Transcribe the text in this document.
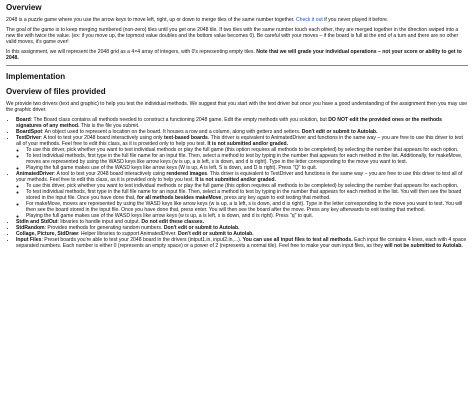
Overview

2048 is a puzzle game where you use the arrow keys to move left, right, up or down to merge tiles of the same number together. Check it out if you never played it before.

The goal of the game is to keep merging numbered (non-zero) tiles until you get one 2048 tile. If two tiles with the same number touch each other, they are merged together in the direction swiped into a new tile with twice the value. (ex: if you move up, the topmost value doubles and the bottom value becomes 0). Be careful with your moves – if the board is full at the end of a turn and there are no other valid moves, it's game over!

In this assignment, we will represent the 2048 grid as a 4×4 array of integers, with 0's representing empty tiles. Note that we will grade your individual operations – not your score or ability to get to 2048.

Implementation
Overview of files provided

We provide two drivers (text and graphic) to help you test the individual methods. We suggest that you start with the text driver but once you have a good understanding of the assignment then you may use the graphic driver.

• Board: The Board class contains all methods needed to construct a functioning 2048 game. Edit the empty methods with you solution, but DO NOT edit the provided ones or the methods signatures of any method. This is the file you submit.
• BoardSpot: An object used to represent a location on the board. It houses a row and a column, along with getters and setters. Don't edit or submit to Autolab.
• TextDriver: A tool to test your 2048 board interactively using only text-based boards. This driver is equivalent to AnimatedDriver and functions in the same way – you are free to use this driver to test all of your methods. Feel free to edit this class, as it is provided only to help you test. It is not submitted and/or graded.
◦ To use this driver, pick whether you want to test individual methods or play the full game (this option requires all methods to be completed) by selecting the number that appears for each option.
◦ To test individual methods, first type in the full file name for an input file. Then, select a method to test by typing in the number that appears for each method in the list. Additionally, for makeMove, moves are represented by using the WASD keys like arrow keys (w is up, a is left, s is down, and d is right). Type in the letter corresponding to the move you want to test.
◦ Playing the full game makes use of the WASD keys like arrow keys (W is up, A is left, S is down, and D is right). Press "Q" to quit.
• AnimatedDriver: A tool to test your 2048 board interactively using rendered images. This driver is equivalent to TextDriver and functions in the same way – you are free to use this driver to test all of your methods. Feel free to edit this class, as it is provided only to help you test. It is not submitted and/or graded.
◦ To use this driver, pick whether you want to test individual methods or play the full game (this option requires all methods to be completed) by selecting the number that appears for each option.
◦ To test individual methods, first type in the full file name for an input file. Then, select a method to test by typing in the number that appears for each method in the list. You will then see the board stored in the input file. Once you have done that, for all methods besides makeMove, press any key again to exit testing that method.
◦ For makeMove, moves are represented by using the WASD keys like arrow keys (w is up, a is left, s is down, and d is right). Type in the letter corresponding to the move you want to test. You will then see the board stored in the input file. Once you have done that, press enter. You will then see the board after the move. Press any key afterwards to exit testing that method.
◦ Playing the full game makes use of the WASD keys like arrow keys (w is up, a is left, s is down, and d is right). Press "q" to quit.
• StdIn and StdOut: libraries to handle input and output. Do not edit these classes.
• StdRandom: Provides methods for generating random numbers. Don't edit or submit to Autolab.
• Collage, Picture, StdDraw: Helper libraries to support AnimatedDriver. Don't edit or submit to Autolab.
• Input Files: Preset boards you're able to test your 2048 board in the drivers (intput1.in, input2.in,...). You can use all input files to test all methods. Each input file contains 4 lines, each with 4 space separated numbers. Each number is either 0 (represents an empty space) or a power of 2 (represents a normal tile). Feel free to make your own input files, as they will not be submitted to Autolab.
